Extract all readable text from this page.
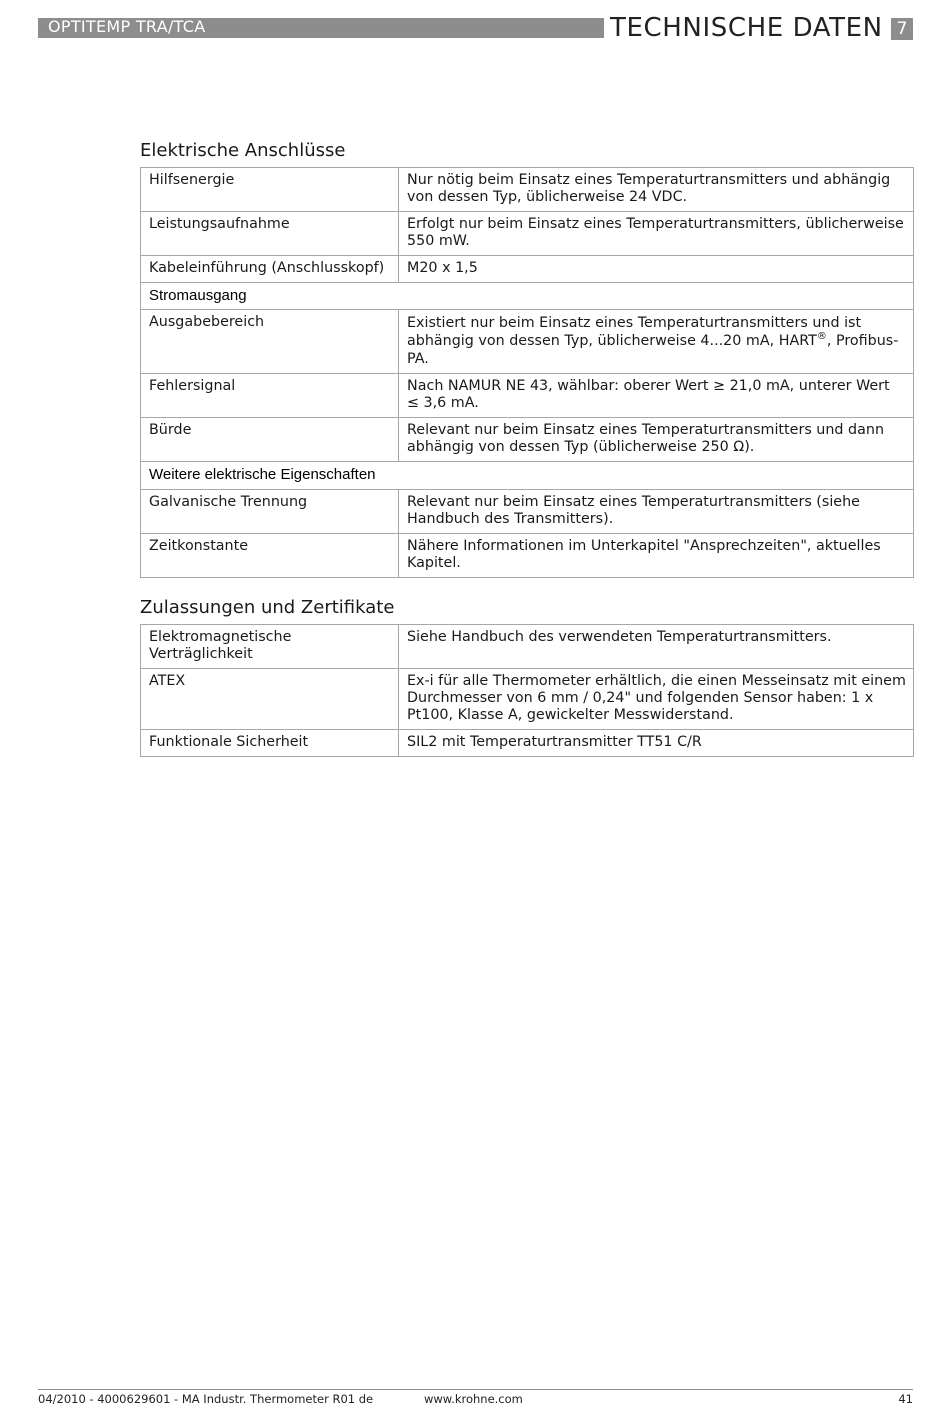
OPTITEMP TRA/TCA	TECHNISCHE DATEN 7
Elektrische Anschlüsse
Hilfsenergie	Nur nötig beim Einsatz eines Temperaturtransmitters und abhängig von dessen Typ, üblicherweise 24 VDC.
Leistungsaufnahme	Erfolgt nur beim Einsatz eines Temperaturtransmitters, üblicherweise 550 mW.
Kabeleinführung (Anschlusskopf)	M20 x 1,5
Stromausgang	
Ausgabebereich	Existiert nur beim Einsatz eines Temperaturtransmitters und ist abhängig von dessen Typ, üblicherweise 4...20 mA, HART®, Profibus-PA.
Fehlersignal	Nach NAMUR NE 43, wählbar: oberer Wert ≥ 21,0 mA, unterer Wert ≤ 3,6 mA.
Bürde	Relevant nur beim Einsatz eines Temperaturtransmitters und dann abhängig von dessen Typ (üblicherweise 250 Ω).
Weitere elektrische Eigenschaften	
Galvanische Trennung	Relevant nur beim Einsatz eines Temperaturtransmitters (siehe Handbuch des Transmitters).
Zeitkonstante	Nähere Informationen im Unterkapitel "Ansprechzeiten", aktuelles Kapitel.
Zulassungen und Zertifikate
Elektromagnetische Verträglichkeit	Siehe Handbuch des verwendeten Temperaturtransmitters.
ATEX	Ex-i für alle Thermometer erhältlich, die einen Messeinsatz mit einem Durchmesser von 6 mm / 0,24" und folgenden Sensor haben: 1 x Pt100, Klasse A, gewickelter Messwiderstand.
Funktionale Sicherheit	SIL2 mit Temperaturtransmitter TT51 C/R
04/2010 - 4000629601 - MA Industr. Thermometer R01 de	www.krohne.com	41
